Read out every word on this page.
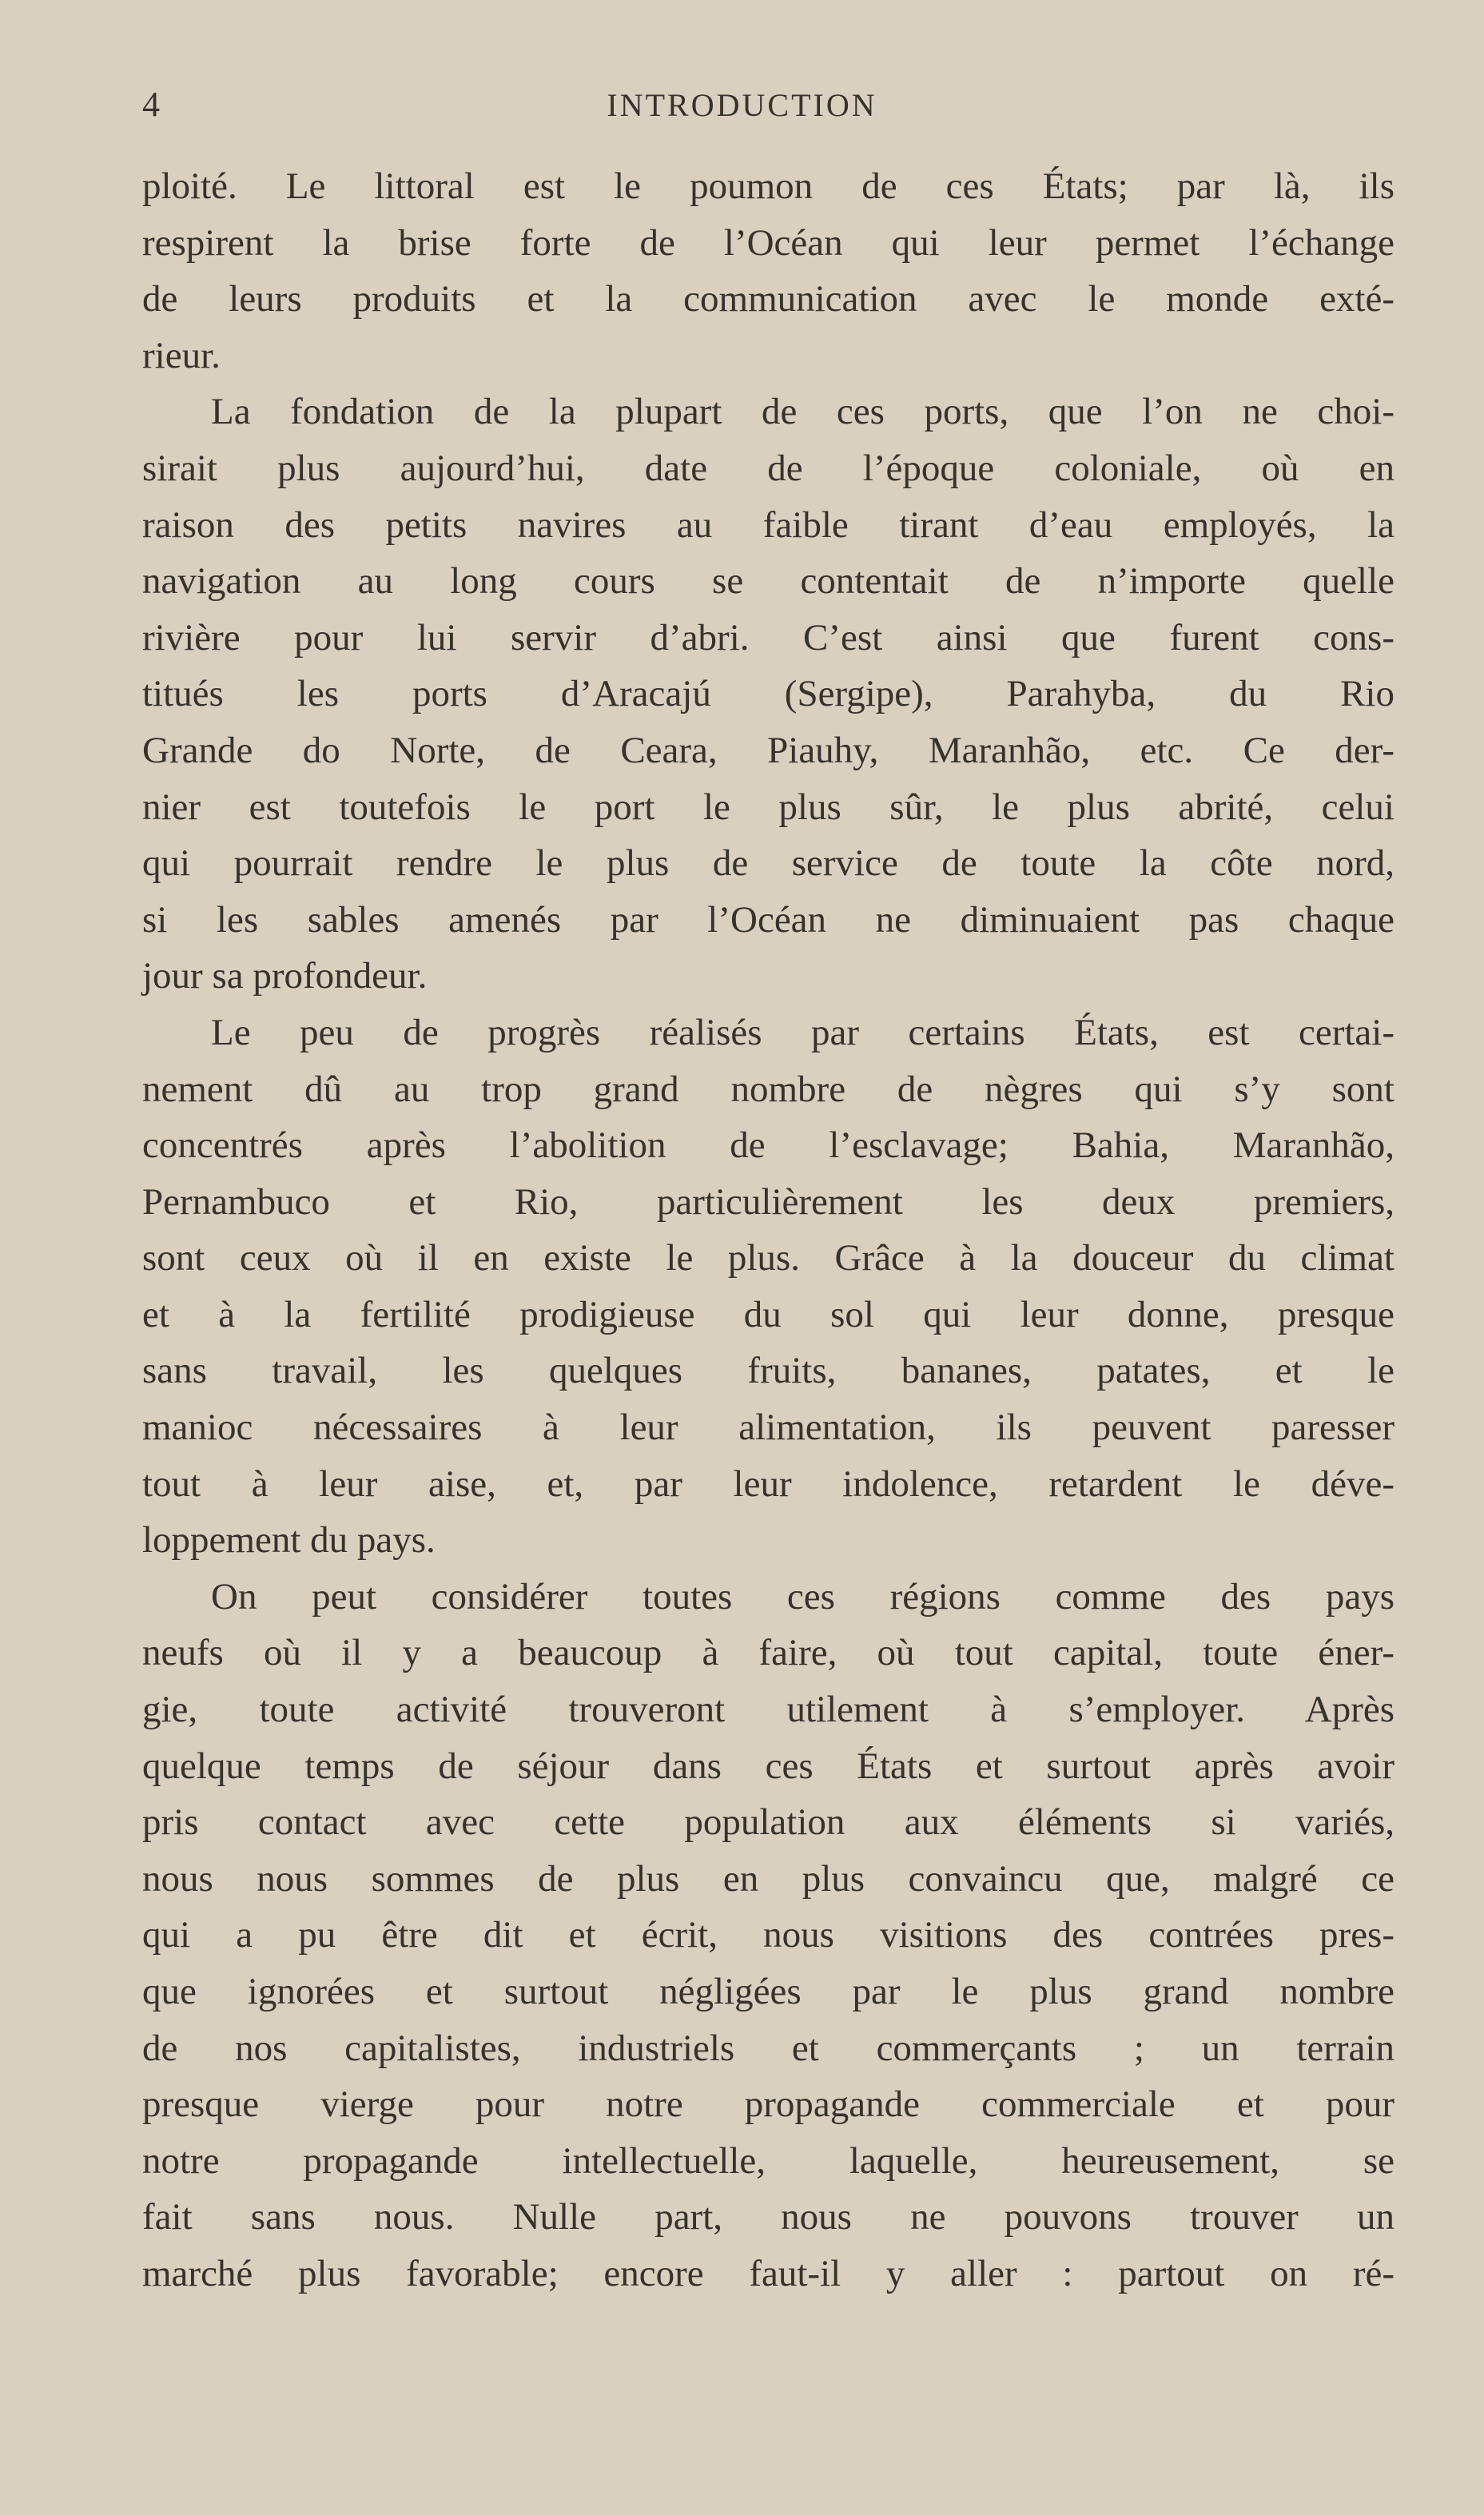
4	INTRODUCTION
ploité. Le littoral est le poumon de ces États; par là, ils
respirent la brise forte de l’Océan qui leur permet l’échange
de leurs produits et la communication avec le monde exté-
rieur.
La fondation de la plupart de ces ports, que l’on ne choi-
sirait plus aujourd’hui, date de l’époque coloniale, où en
raison des petits navires au faible tirant d’eau employés, la
navigation au long cours se contentait de n’importe quelle
rivière pour lui servir d’abri. C’est ainsi que furent cons-
titués les ports d’Aracajú (Sergipe), Parahyba, du Rio
Grande do Norte, de Ceara, Piauhy, Maranhão, etc. Ce der-
nier est toutefois le port le plus sûr, le plus abrité, celui
qui pourrait rendre le plus de service de toute la côte nord,
si les sables amenés par l’Océan ne diminuaient pas chaque
jour sa profondeur.
Le peu de progrès réalisés par certains États, est certai-
nement dû au trop grand nombre de nègres qui s’y sont
concentrés après l’abolition de l’esclavage; Bahia, Maranhão,
Pernambuco et Rio, particulièrement les deux premiers,
sont ceux où il en existe le plus. Grâce à la douceur du climat
et à la fertilité prodigieuse du sol qui leur donne, presque
sans travail, les quelques fruits, bananes, patates, et le
manioc nécessaires à leur alimentation, ils peuvent paresser
tout à leur aise, et, par leur indolence, retardent le déve-
loppement du pays.
On peut considérer toutes ces régions comme des pays
neufs où il y a beaucoup à faire, où tout capital, toute éner-
gie, toute activité trouveront utilement à s’employer. Après
quelque temps de séjour dans ces États et surtout après avoir
pris contact avec cette population aux éléments si variés,
nous nous sommes de plus en plus convaincu que, malgré ce
qui a pu être dit et écrit, nous visitions des contrées pres-
que ignorées et surtout négligées par le plus grand nombre
de nos capitalistes, industriels et commerçants ; un terrain
presque vierge pour notre propagande commerciale et pour
notre propagande intellectuelle, laquelle, heureusement, se
fait sans nous. Nulle part, nous ne pouvons trouver un
marché plus favorable; encore faut-il y aller : partout on ré-
